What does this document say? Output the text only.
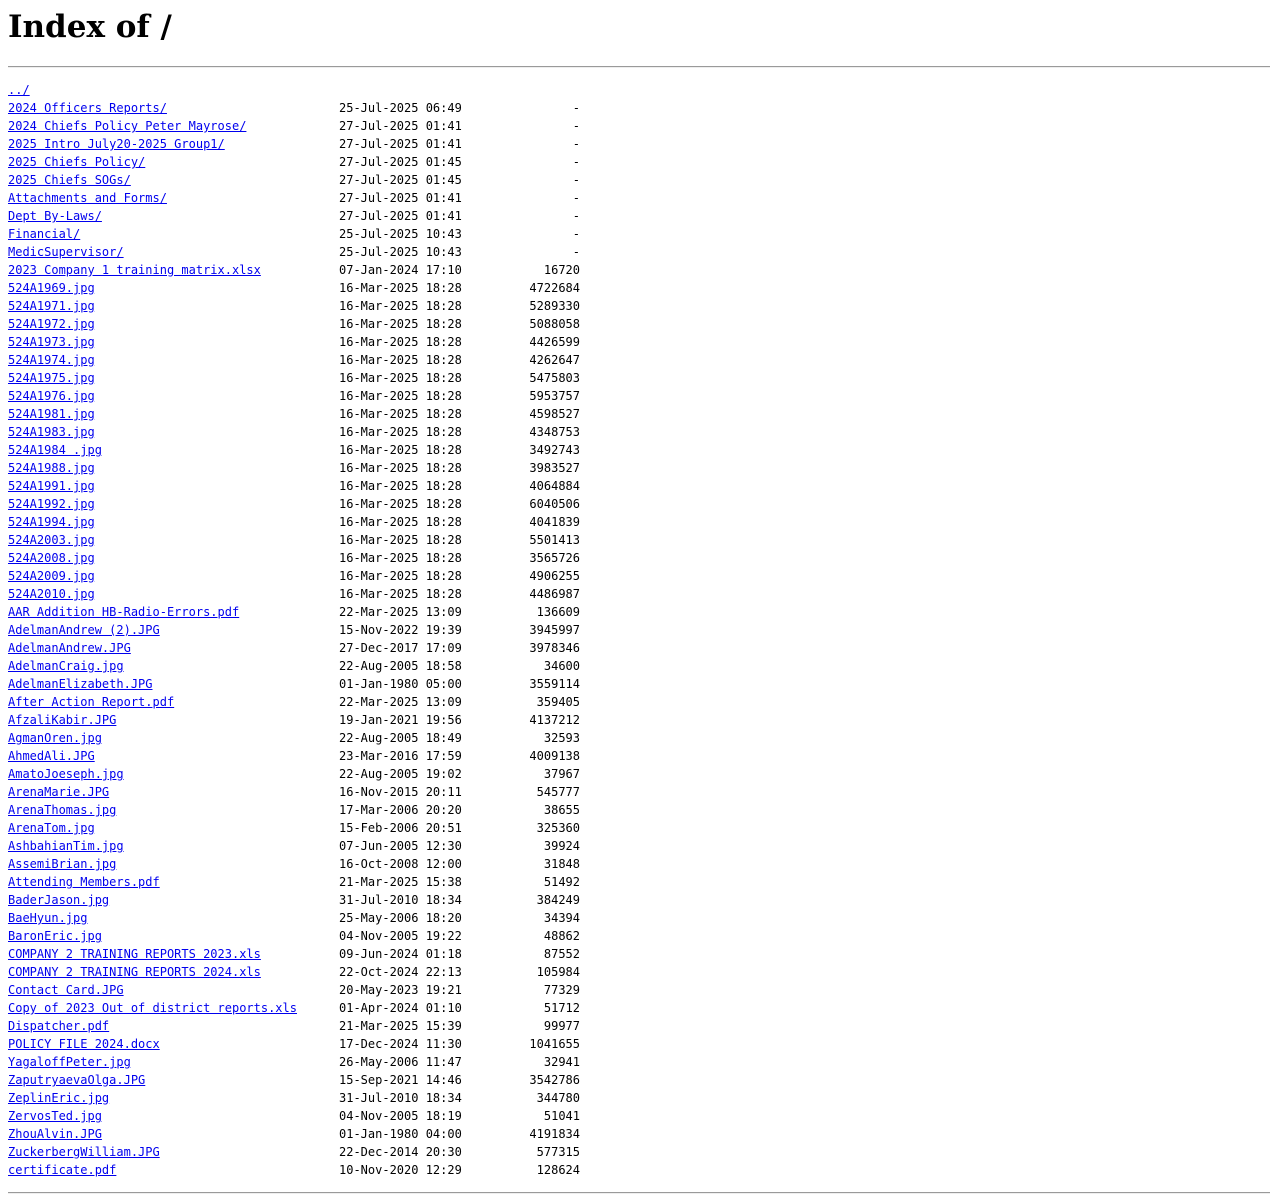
Index of /
../
2024 Officers Reports/	25-Jul-2025 06:49	-
2024 Chiefs Policy Peter Mayrose/	27-Jul-2025 01:41	-
2025 Intro July20-2025 Group1/	27-Jul-2025 01:41	-
2025 Chiefs Policy/	27-Jul-2025 01:45	-
2025 Chiefs SOGs/	27-Jul-2025 01:45	-
Attachments and Forms/	27-Jul-2025 01:41	-
Dept By-Laws/	27-Jul-2025 01:41	-
Financial/	25-Jul-2025 10:43	-
MedicSupervisor/	25-Jul-2025 10:43	-
2023 Company 1 training matrix.xlsx	07-Jan-2024 17:10	16720
524A1969.jpg	16-Mar-2025 18:28	4722684
524A1971.jpg	16-Mar-2025 18:28	5289330
524A1972.jpg	16-Mar-2025 18:28	5088058
524A1973.jpg	16-Mar-2025 18:28	4426599
524A1974.jpg	16-Mar-2025 18:28	4262647
524A1975.jpg	16-Mar-2025 18:28	5475803
524A1976.jpg	16-Mar-2025 18:28	5953757
524A1981.jpg	16-Mar-2025 18:28	4598527
524A1983.jpg	16-Mar-2025 18:28	4348753
524A1984 .jpg	16-Mar-2025 18:28	3492743
524A1988.jpg	16-Mar-2025 18:28	3983527
524A1991.jpg	16-Mar-2025 18:28	4064884
524A1992.jpg	16-Mar-2025 18:28	6040506
524A1994.jpg	16-Mar-2025 18:28	4041839
524A2003.jpg	16-Mar-2025 18:28	5501413
524A2008.jpg	16-Mar-2025 18:28	3565726
524A2009.jpg	16-Mar-2025 18:28	4906255
524A2010.jpg	16-Mar-2025 18:28	4486987
AAR Addition HB-Radio-Errors.pdf	22-Mar-2025 13:09	136609
AdelmanAndrew (2).JPG	15-Nov-2022 19:39	3945997
AdelmanAndrew.JPG	27-Dec-2017 17:09	3978346
AdelmanCraig.jpg	22-Aug-2005 18:58	34600
AdelmanElizabeth.JPG	01-Jan-1980 05:00	3559114
After Action Report.pdf	22-Mar-2025 13:09	359405
AfzaliKabir.JPG	19-Jan-2021 19:56	4137212
AgmanOren.jpg	22-Aug-2005 18:49	32593
AhmedAli.JPG	23-Mar-2016 17:59	4009138
AmatoJoeseph.jpg	22-Aug-2005 19:02	37967
ArenaMarie.JPG	16-Nov-2015 20:11	545777
ArenaThomas.jpg	17-Mar-2006 20:20	38655
ArenaTom.jpg	15-Feb-2006 20:51	325360
AshbahianTim.jpg	07-Jun-2005 12:30	39924
AssemiBrian.jpg	16-Oct-2008 12:00	31848
Attending Members.pdf	21-Mar-2025 15:38	51492
BaderJason.jpg	31-Jul-2010 18:34	384249
BaeHyun.jpg	25-May-2006 18:20	34394
BaronEric.jpg	04-Nov-2005 19:22	48862
COMPANY 2 TRAINING REPORTS 2023.xls	09-Jun-2024 01:18	87552
COMPANY 2 TRAINING REPORTS 2024.xls	22-Oct-2024 22:13	105984
Contact Card.JPG	20-May-2023 19:21	77329
Copy of 2023 Out of district reports.xls	01-Apr-2024 01:10	51712
Dispatcher.pdf	21-Mar-2025 15:39	99977
POLICY FILE 2024.docx	17-Dec-2024 11:30	1041655
YagaloffPeter.jpg	26-May-2006 11:47	32941
ZaputryaevaOlga.JPG	15-Sep-2021 14:46	3542786
ZeplinEric.jpg	31-Jul-2010 18:34	344780
ZervosTed.jpg	04-Nov-2005 18:19	51041
ZhouAlvin.JPG	01-Jan-1980 04:00	4191834
ZuckerbergWilliam.JPG	22-Dec-2014 20:30	577315
certificate.pdf	10-Nov-2020 12:29	128624
